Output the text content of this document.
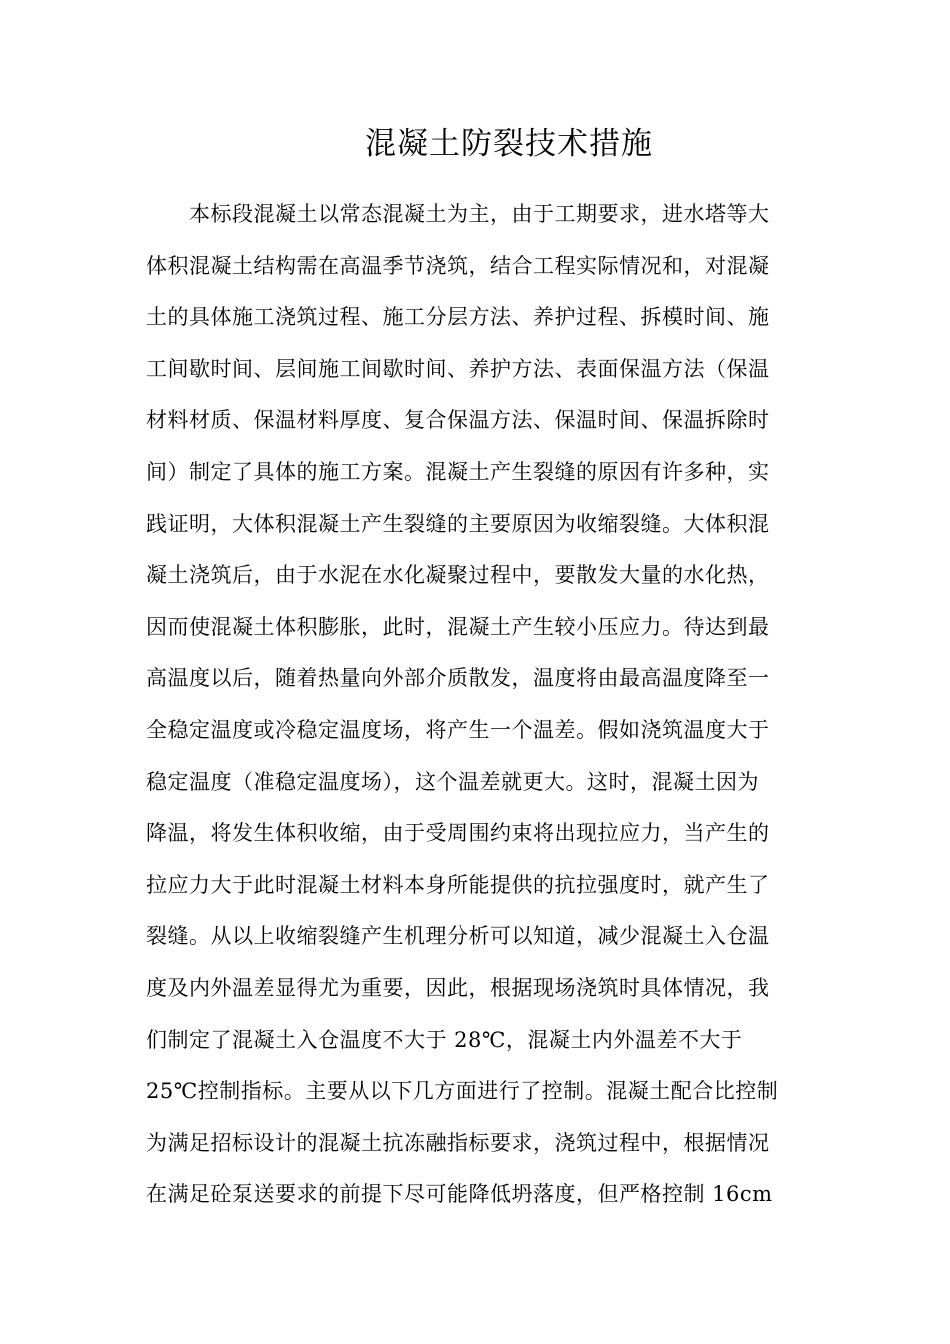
混凝土防裂技术措施
本标段混凝土以常态混凝土为主，由于工期要求，进水塔等大
体积混凝土结构需在高温季节浇筑，结合工程实际情况和，对混凝
土的具体施工浇筑过程、施工分层方法、养护过程、拆模时间、施
工间歇时间、层间施工间歇时间、养护方法、表面保温方法（保温
材料材质、保温材料厚度、复合保温方法、保温时间、保温拆除时
间）制定了具体的施工方案。混凝土产生裂缝的原因有许多种，实
践证明，大体积混凝土产生裂缝的主要原因为收缩裂缝。大体积混
凝土浇筑后，由于水泥在水化凝聚过程中，要散发大量的水化热，
因而使混凝土体积膨胀，此时，混凝土产生较小压应力。待达到最
高温度以后，随着热量向外部介质散发，温度将由最高温度降至一
全稳定温度或冷稳定温度场，将产生一个温差。假如浇筑温度大于
稳定温度（准稳定温度场），这个温差就更大。这时，混凝土因为
降温，将发生体积收缩，由于受周围约束将出现拉应力，当产生的
拉应力大于此时混凝土材料本身所能提供的抗拉强度时，就产生了
裂缝。从以上收缩裂缝产生机理分析可以知道，减少混凝土入仓温
度及内外温差显得尤为重要，因此，根据现场浇筑时具体情况，我
们制定了混凝土入仓温度不大于 28℃，混凝土内外温差不大于
25℃控制指标。主要从以下几方面进行了控制。混凝土配合比控制
为满足招标设计的混凝土抗冻融指标要求，浇筑过程中，根据情况
在满足砼泵送要求的前提下尽可能降低坍落度，但严格控制 16cm
